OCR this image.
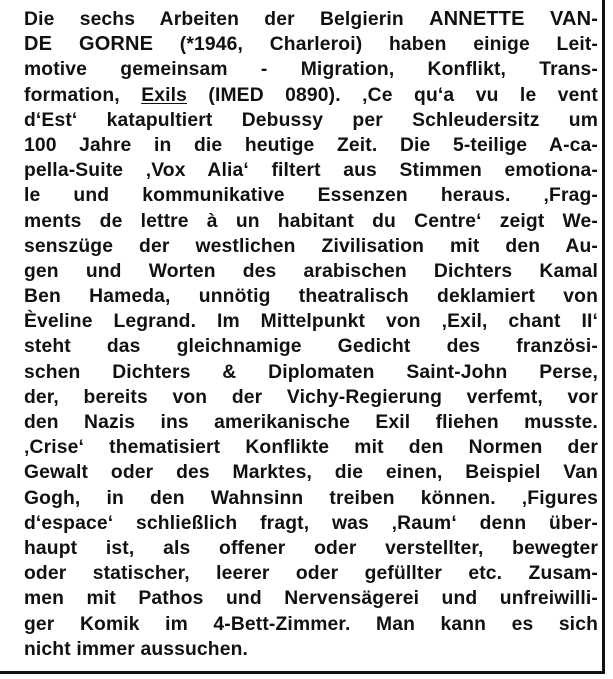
Die sechs Arbeiten der Belgierin ANNETTE VAN-
DE GORNE (*1946, Charleroi) haben einige Leit-
motive gemeinsam - Migration, Konflikt, Trans-
formation, Exils (IMED 0890). ‚Ce qu‘a vu le vent
d‘Est‘ katapultiert Debussy per Schleudersitz um
100 Jahre in die heutige Zeit. Die 5-teilige A-ca-
pella-Suite ‚Vox Alia‘ filtert aus Stimmen emotiona-
le und kommunikative Essenzen heraus. ‚Frag-
ments de lettre à un habitant du Centre‘ zeigt We-
senszüge der westlichen Zivilisation mit den Au-
gen und Worten des arabischen Dichters Kamal
Ben Hameda, unnötig theatralisch deklamiert von
Èveline Legrand. Im Mittelpunkt von ‚Exil, chant II‘
steht das gleichnamige Gedicht des französi-
schen Dichters & Diplomaten Saint-John Perse,
der, bereits von der Vichy-Regierung verfemt, vor
den Nazis ins amerikanische Exil fliehen musste.
‚Crise‘ thematisiert Konflikte mit den Normen der
Gewalt oder des Marktes, die einen, Beispiel Van
Gogh, in den Wahnsinn treiben können. ‚Figures
d‘espace‘ schließlich fragt, was ‚Raum‘ denn über-
haupt ist, als offener oder verstellter, bewegter
oder statischer, leerer oder gefüllter etc. Zusam-
men mit Pathos und Nervensägerei und unfreiwilli-
ger Komik im 4-Bett-Zimmer. Man kann es sich
nicht immer aussuchen.
